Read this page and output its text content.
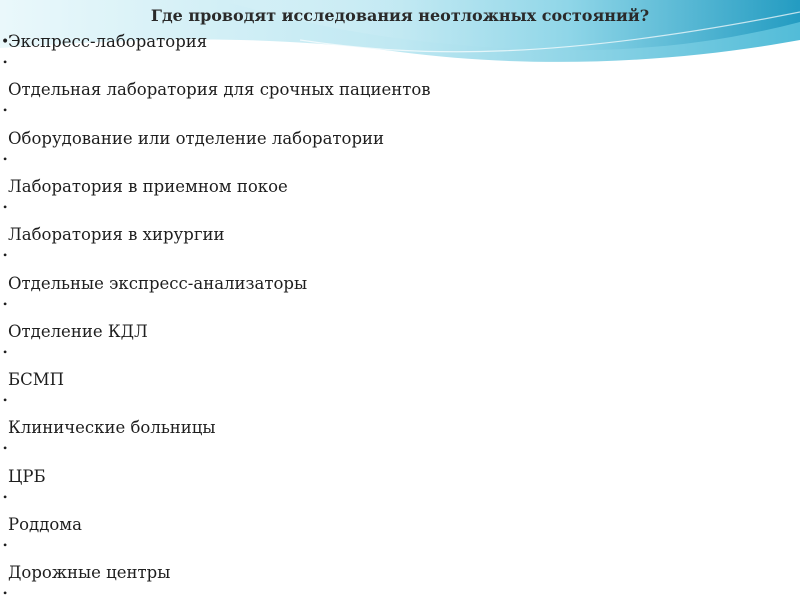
Где проводят исследования неотложных состояний?
•
Экспресс-лаборатория
•
Отдельная лаборатория для срочных пациентов
•
Оборудование или отделение лаборатории
•
Лаборатория в приемном покое
•
Лаборатория в хирургии
•
Отдельные экспресс-анализаторы
•
Отделение КДЛ
•
БСМП
•
Клинические больницы
•
ЦРБ
•
Роддома
•
Дорожные центры
•
